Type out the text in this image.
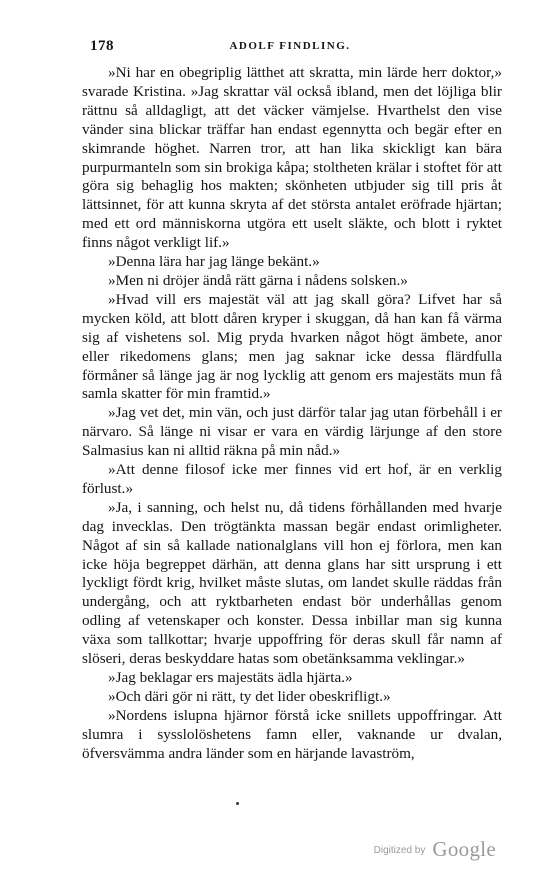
178	ADOLF FINDLING.

»Ni har en obegriplig lätthet att skratta, min lärde herr doktor,» svarade Kristina. »Jag skrattar väl också ibland, men det löjliga blir rättnu så alldagligt, att det väcker vämjelse. Hvarthelst den vise vänder sina blickar träffar han endast egennytta och begär efter en skimrande höghet. Narren tror, att han lika skickligt kan bära purpurmanteln som sin brokiga kåpa; stoltheten krälar i stoftet för att göra sig behaglig hos makten; skönheten utbjuder sig till pris åt lättsinnet, för att kunna skryta af det största antalet eröfrade hjärtan; med ett ord människorna utgöra ett uselt släkte, och blott i ryktet finns något verkligt lif.»

»Denna lära har jag länge bekänt.»

»Men ni dröjer ändå rätt gärna i nådens solsken.»

»Hvad vill ers majestät väl att jag skall göra? Lifvet har så mycken köld, att blott dåren kryper i skuggan, då han kan få värma sig af vishetens sol. Mig pryda hvarken något högt ämbete, anor eller rikedomens glans; men jag saknar icke dessa flärdfulla förmåner så länge jag är nog lycklig att genom ers majestäts mun få samla skatter för min framtid.»

»Jag vet det, min vän, och just därför talar jag utan förbehåll i er närvaro. Så länge ni visar er vara en värdig lärjunge af den store Salmasius kan ni alltid räkna på min nåd.»

»Att denne filosof icke mer finnes vid ert hof, är en verklig förlust.»

»Ja, i sanning, och helst nu, då tidens förhållanden med hvarje dag invecklas. Den trögtänkta massan begär endast orimligheter. Något af sin så kallade nationalglans vill hon ej förlora, men kan icke höja begreppet därhän, att denna glans har sitt ursprung i ett lyckligt fördt krig, hvilket måste slutas, om landet skulle räddas från undergång, och att ryktbarheten endast bör underhållas genom odling af vetenskaper och konster. Dessa inbillar man sig kunna växa som tallkottar; hvarje uppoffring för deras skull får namn af slöseri, deras beskyddare hatas som obetänksamma veklingar.»

»Jag beklagar ers majestäts ädla hjärta.»

»Och däri gör ni rätt, ty det lider obeskrifligt.»

»Nordens islupna hjärnor förstå icke snillets uppoffringar. Att slumra i sysslolöshetens famn eller, vaknande ur dvalan, öfversvämma andra länder som en härjande lavaström,

Digitized by Google
